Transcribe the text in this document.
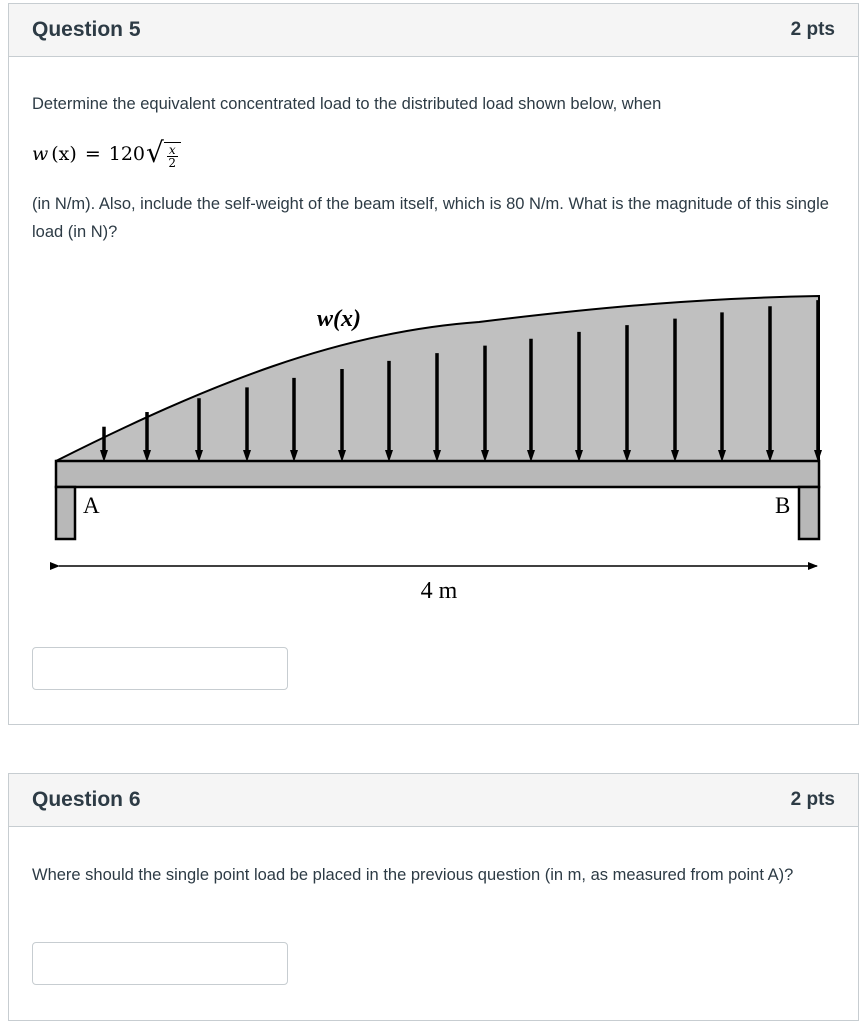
Question 5	2 pts

Determine the equivalent concentrated load to the distributed load shown below, when

w (x) = 120 √ $\frac{x}{2}$

(in N/m). Also, include the self-weight of the beam itself, which is 80 N/m. What is the magnitude of this single load (in N)?

A	B
w(x)
4 m
Question 6	2 pts

Where should the single point load be placed in the previous question (in m, as measured from point A)?
